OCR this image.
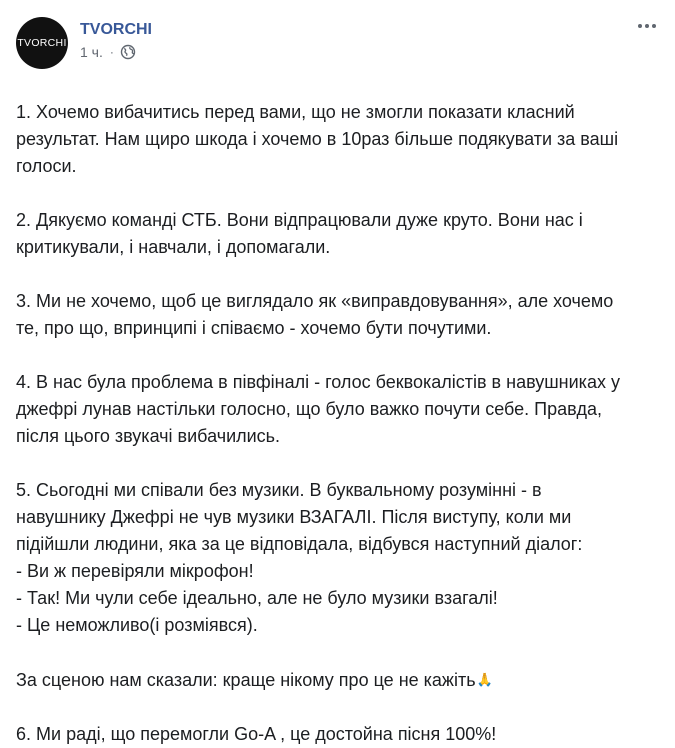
TVORCHI
TVORCHI
1 ч. ·
1. Хочемо вибачитись перед вами, що не змогли показати класний
результат. Нам щиро шкода і хочемо в 10раз більше подякувати за ваші
голоси.
2. Дякуємо команді СТБ. Вони відпрацювали дуже круто. Вони нас і
критикували, і навчали, і допомагали.
3. Ми не хочемо, щоб це виглядало як «виправдовування», але хочемо
те, про що, впринципі і співаємо - хочемо бути почутими.
4. В нас була проблема в півфіналі - голос беквокалістів в навушниках у
джефрі лунав настільки голосно, що було важко почути себе. Правда,
після цього звукачі вибачились.
5. Сьогодні ми співали без музики. В буквальному розумінні - в
навушнику Джефрі не чув музики ВЗАГАЛІ. Після виступу, коли ми
підійшли людини, яка за це відповідала, відбувся наступний діалог:
- Ви ж перевіряли мікрофон!
- Так! Ми чули себе ідеально, але не було музики взагалі!
- Це неможливо(і розміявся).
За сценою нам сказали: краще нікому про це не кажіть🙏
6. Ми раді, що перемогли Go-A , це достойна пісня 100%!
